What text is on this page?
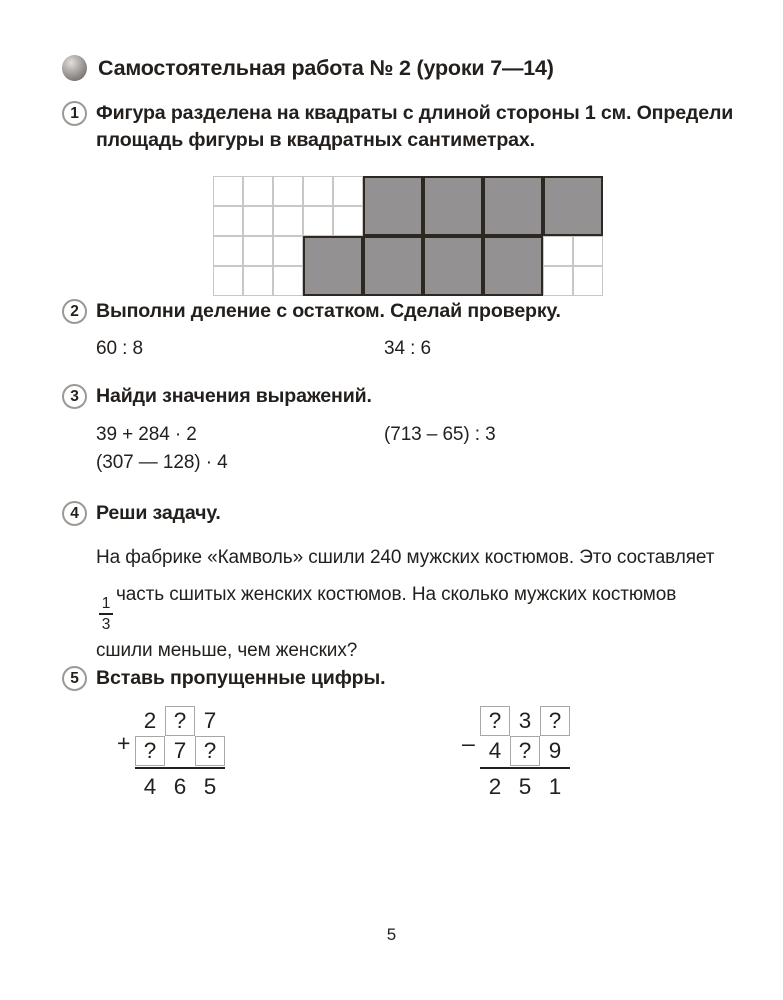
Самостоятельная работа № 2 (уроки 7—14)
1 Фигура разделена на квадраты с длиной стороны 1 см. Определи площадь фигуры в квадратных сантиметрах.
2 Выполни деление с остатком. Сделай проверку.
60 : 8	34 : 6
3 Найди значения выражений.
39 + 284 · 2	(713 – 65) : 3
(307 — 128) · 4
4 Реши задачу.
На фабрике «Камволь» сшили 240 мужских костюмов. Это составляет
$\frac{1}{3}$
часть сшитых женских костюмов. На сколько мужских костюмов сшили меньше, чем женских?
5 Вставь пропущенные цифры.
+
2 ? 7
? 7 ?
4 6 5
–
? 3 ?
4 ? 9
2 5 1
5
